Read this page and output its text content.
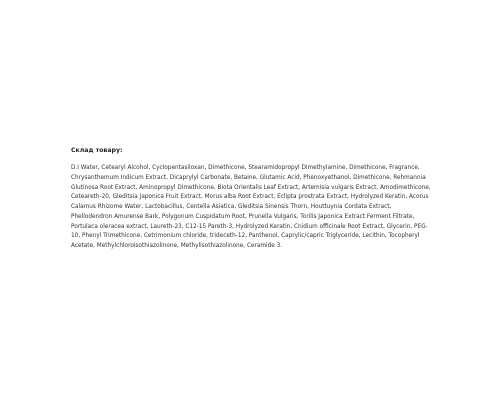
Склад товару:

D.I Water, Cetearyl Alcohol, Cyclopentasiloxan, Dimethicone, Stearamidopropyl Dimethylamine, Dimethicone, Fragrance, Chrysanthemum Indicum Extract, Dicaprylyl Carbonate, Betaine, Glutamic Acid, Phenoxyethanol, Dimethicone, Rehmannia Glutinosa Root Extract, Aminopropyl Dimethicone, Biota Orientalis Leaf Extract, Artemisia vulgaris Extract, Amodimethicone, Ceteareth-20, Gleditsia Japonica Fruit Extract, Morus alba Root Extract, Eclipta prostrata Extract, Hydrolyzed Keratin, Acorus Calamus Rhizome Water, Lactobacillus, Centella Asiatica, Gleditsia Sinensis Thorn, Houttuynia Cordata Extract, Phellodendron Amurense Bark, Polygonum Cuspidatum Root, Prunella Vulgaris, Torilis Japonica Extract Ferment Filtrate, Portulaca oleracea extract, Laureth-23, C12-15 Pareth-3, Hydrolyzed Keratin, Cnidium officinale Root Extract, Glycerin, PEG-10, Phenyl Trimethicone, Cetrimonium chloride, trideceth-12, Panthenol, Caprylic/capric Triglyceride, Lecithin, Tocopheryl Acetate, Methylchloroisothiazolinone, Methylisothiazolinone, Ceramide 3.
